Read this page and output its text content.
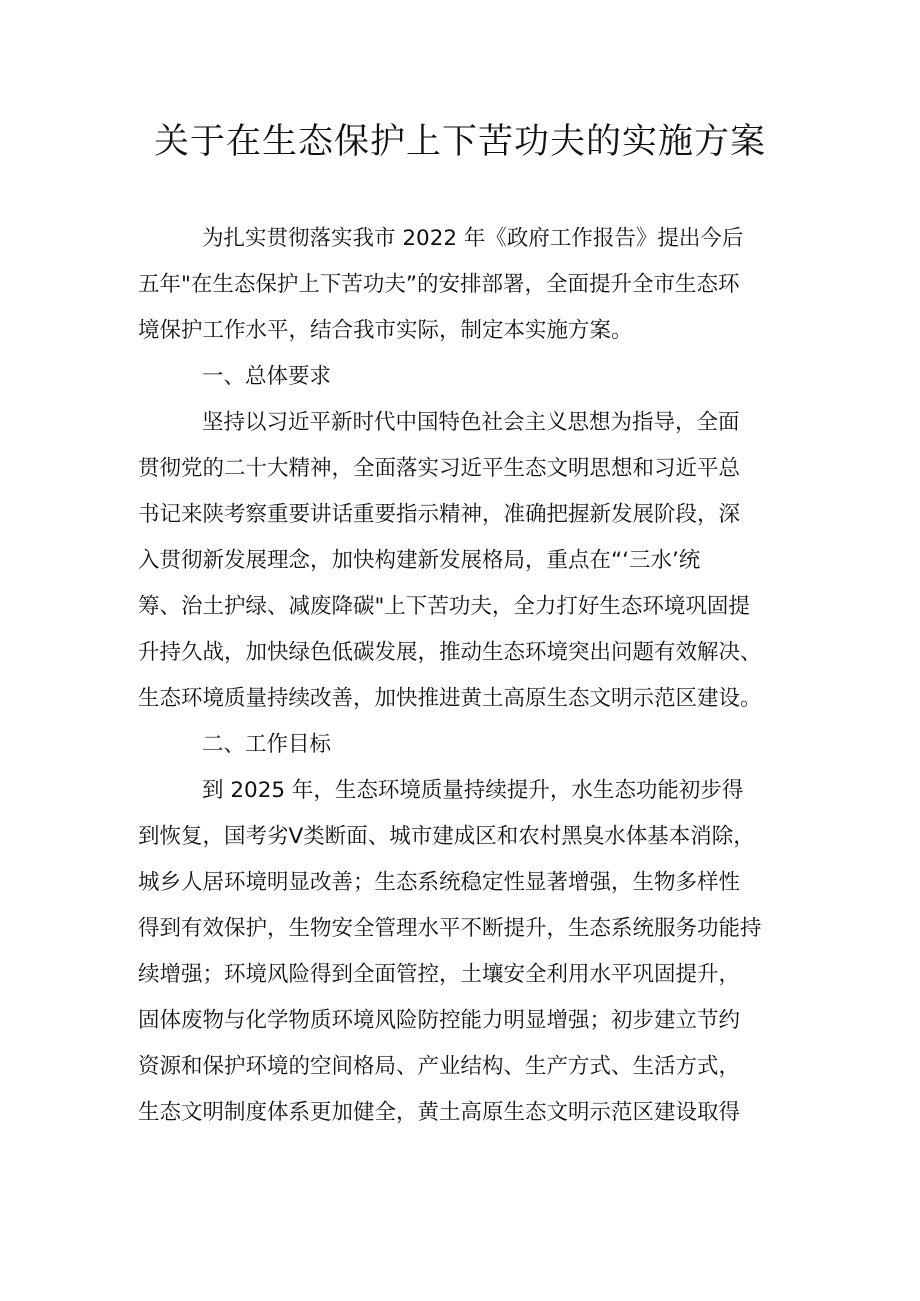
关于在生态保护上下苦功夫的实施方案
为扎实贯彻落实我市 2022 年《政府工作报告》提出今后
五年"在生态保护上下苦功夫”的安排部署，全面提升全市生态环
境保护工作水平，结合我市实际，制定本实施方案。
一、总体要求
坚持以习近平新时代中国特色社会主义思想为指导，全面
贯彻党的二十大精神，全面落实习近平生态文明思想和习近平总
书记来陕考察重要讲话重要指示精神，准确把握新发展阶段，深
入贯彻新发展理念，加快构建新发展格局，重点在“‘三水’统
筹、治土护绿、减废降碳"上下苦功夫，全力打好生态环境巩固提
升持久战，加快绿色低碳发展，推动生态环境突出问题有效解决、
生态环境质量持续改善，加快推进黄土高原生态文明示范区建设。
二、工作目标
到 2025 年，生态环境质量持续提升，水生态功能初步得
到恢复，国考劣Ⅴ类断面、城市建成区和农村黑臭水体基本消除，
城乡人居环境明显改善；生态系统稳定性显著增强，生物多样性
得到有效保护，生物安全管理水平不断提升，生态系统服务功能持
续增强；环境风险得到全面管控，土壤安全利用水平巩固提升，
固体废物与化学物质环境风险防控能力明显增强；初步建立节约
资源和保护环境的空间格局、产业结构、生产方式、生活方式，
生态文明制度体系更加健全，黄土高原生态文明示范区建设取得
